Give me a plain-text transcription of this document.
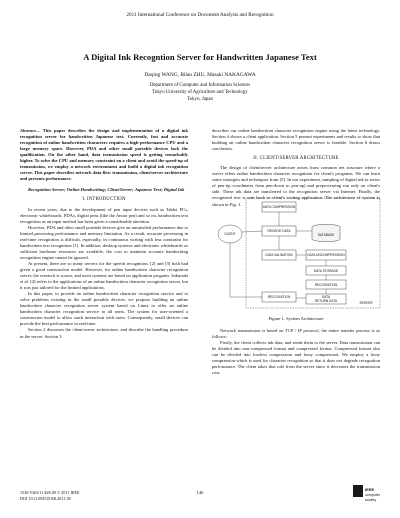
2011 International Conference on Document Analysis and Recognition
A Digital Ink Recogntion Server for Handwritten Japanese Text
Daqing WANG, Bilan ZHU, Masaki NAKAGAWA
Department of Computer and Information Sciences
Tokyo University of Agriculture and Technology
Tokyo, Japan

Abstract— This paper describes the design and implementation of a digital ink recognition server for handwritten Japanese text. Currently, fast and accurate recognition of online handwritten characters requires a high-performance CPU and a large memory space. However, PDA and other small portable devices lack the qualification. On the other hand, data transmission speed is getting remarkably higher. To solve the CPU and memory constraint on a client and avoid the speed-up of transmission, we employ a network environment and build a digital ink recognition server. This paper describes network data flow transmission, client/server architecture and presents performance.

Recognition Server; Online Handwriting; Client/Server; Japanese Text; Digital Ink

I. INTRODUCTION

In recent years, due to the development of pen input devices such as Tablet PCs, electronic whiteboards, PDAs, digital pens (like the Anoto pen) and so on, handwritten text recognition as an input method has been given a considerable attention.

However, PDA and other small portable devices give an unsatisfied performance due to limited processing performance and memory limitation. As a result, accurate processing in real-time recognition is difficult, especially, in continuous writing with less constraint for handwritten text recognition [1]. In addition, desktop systems and electronic whiteboards as sufficient hardware resources are available, the cost to maintain accurate handwriting recognition engine cannot be ignored.

At present, there are so many servers for the speech recognition, [2] and [3] both had given a good construction model. However, for online handwritten character recognition server, the research is scarce, and most systems are based on application program. Sakurada et al. [4] refers to the applications of an online handwritten character recognition server, but it was just tailored for the limited applications.

In this paper, to provide an online handwritten character recognition service and to solve problems existing in the small portable devices, we propose building an online handwritten character recognition server system based on Linux to offer an online handwritten character recognition service to all users. The system for user-oriented a construction model to allow stack interaction with users. Consequently, small devices can provide the best performance in real-time.

Section 2 discusses the client/server architecture, and describe the handling procedure in the server. Section 3

describes our online handwritten character recognition engine using the latest technology. Section 4 shows a client application. Section 5 present experiments and results to show that building an online handwritten character recognition server is feasible. Section 6 draws conclusion.

II. CLIENT/SERVER ARCHITECTURE

The design of client/server architecture arises from common net structure where a server offers online handwritten character recognition for client's programs. We can learn some strategies and techniques from [5]. In our experiment, sampling of digital ink (a series of pen-tip coordinates form pen-down to pen-up) and preprocessing run only on client's side. These ink data are transferred to the recognition server via Internet. Finally, the recognized text is sent back to client's writing application. The architecture of system is shown in Fig. 1.

DATA COMPRESSION
RECEIVE DATA
DATA VALIDATION	DATA UNCOMPRESSION
DATA STORAGE
RECOGNITION
RECOGNITION	DATA
RETURN DATA
DATABASE
CLIENT
SERVER
Figure 1. System Architecture

Network transmission is based on TCP / IP protocol, the entire transfer process is as follows:

Firstly, the client collects ink data, and sends them to the server. Data transmission can be divided into non-compressed format and compressed format. Compressed format also can be divided into lossless compression and lossy compression. We employ a lossy compression which is used for character recognition so that it does not degrade recognition performance. The client takes that role from the server since it decreases the transmission cost.

1520-5363/11 $26.00 © 2011 IEEE
DOI 10.1109/ICDAR.2011.38
146
IEEE
computer
society
